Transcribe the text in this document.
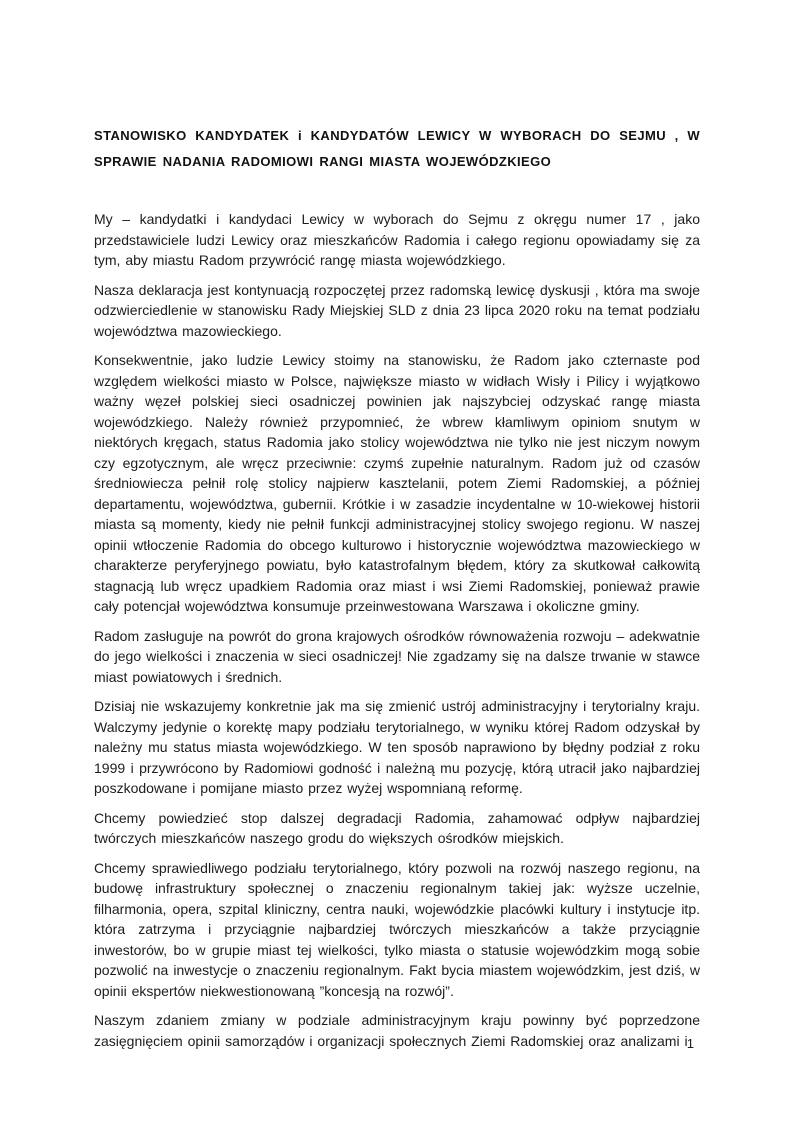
STANOWISKO KANDYDATEK i KANDYDATÓW LEWICY W WYBORACH DO SEJMU , W SPRAWIE NADANIA RADOMIOWI RANGI MIASTA WOJEWÓDZKIEGO

My – kandydatki i kandydaci Lewicy w wyborach do Sejmu z okręgu numer 17 , jako przedstawiciele ludzi Lewicy oraz mieszkańców Radomia i całego regionu opowiadamy się za tym, aby miastu Radom przywrócić rangę miasta wojewódzkiego.

Nasza deklaracja jest kontynuacją rozpoczętej przez radomską lewicę dyskusji , która ma swoje odzwierciedlenie w stanowisku Rady Miejskiej SLD z dnia 23 lipca 2020 roku na temat podziału województwa mazowieckiego.

Konsekwentnie, jako ludzie Lewicy stoimy na stanowisku, że Radom jako czternaste pod względem wielkości miasto w Polsce, największe miasto w widłach Wisły i Pilicy i wyjątkowo ważny węzeł polskiej sieci osadniczej powinien jak najszybciej odzyskać rangę miasta wojewódzkiego. Należy również przypomnieć, że wbrew kłamliwym opiniom snutym w niektórych kręgach, status Radomia jako stolicy województwa nie tylko nie jest niczym nowym czy egzotycznym, ale wręcz przeciwnie: czymś zupełnie naturalnym. Radom już od czasów średniowiecza pełnił rolę stolicy najpierw kasztelanii, potem Ziemi Radomskiej, a później departamentu, województwa, gubernii. Krótkie i w zasadzie incydentalne w 10-wiekowej historii miasta są momenty, kiedy nie pełnił funkcji administracyjnej stolicy swojego regionu. W naszej opinii wtłoczenie Radomia do obcego kulturowo i historycznie województwa mazowieckiego w charakterze peryferyjnego powiatu, było katastrofalnym błędem, który za skutkował całkowitą stagnacją lub wręcz upadkiem Radomia oraz miast i wsi Ziemi Radomskiej, ponieważ prawie cały potencjał województwa konsumuje przeinwestowana Warszawa i okoliczne gminy.

Radom zasługuje na powrót do grona krajowych ośrodków równoważenia rozwoju – adekwatnie do jego wielkości i znaczenia w sieci osadniczej! Nie zgadzamy się na dalsze trwanie w stawce miast powiatowych i średnich.

Dzisiaj nie wskazujemy konkretnie jak ma się zmienić ustrój administracyjny i terytorialny kraju. Walczymy jedynie o korektę mapy podziału terytorialnego, w wyniku której Radom odzyskał by należny mu status miasta wojewódzkiego. W ten sposób naprawiono by błędny podział z roku 1999 i przywrócono by Radomiowi godność i należną mu pozycję, którą utracił jako najbardziej poszkodowane i pomijane miasto przez wyżej wspomnianą reformę.

Chcemy powiedzieć stop dalszej degradacji Radomia, zahamować odpływ najbardziej twórczych mieszkańców naszego grodu do większych ośrodków miejskich.

Chcemy sprawiedliwego podziału terytorialnego, który pozwoli na rozwój naszego regionu, na budowę infrastruktury społecznej o znaczeniu regionalnym takiej jak: wyższe uczelnie, filharmonia, opera, szpital kliniczny, centra nauki, wojewódzkie placówki kultury i instytucje itp. która zatrzyma i przyciągnie najbardziej twórczych mieszkańców a także przyciągnie inwestorów, bo w grupie miast tej wielkości, tylko miasta o statusie wojewódzkim mogą sobie pozwolić na inwestycje o znaczeniu regionalnym. Fakt bycia miastem wojewódzkim, jest dziś, w opinii ekspertów niekwestionowaną ”koncesją na rozwój”.

Naszym zdaniem zmiany w podziale administracyjnym kraju powinny być poprzedzone zasięgnięciem opinii samorządów i organizacji społecznych Ziemi Radomskiej oraz analizami i 1
